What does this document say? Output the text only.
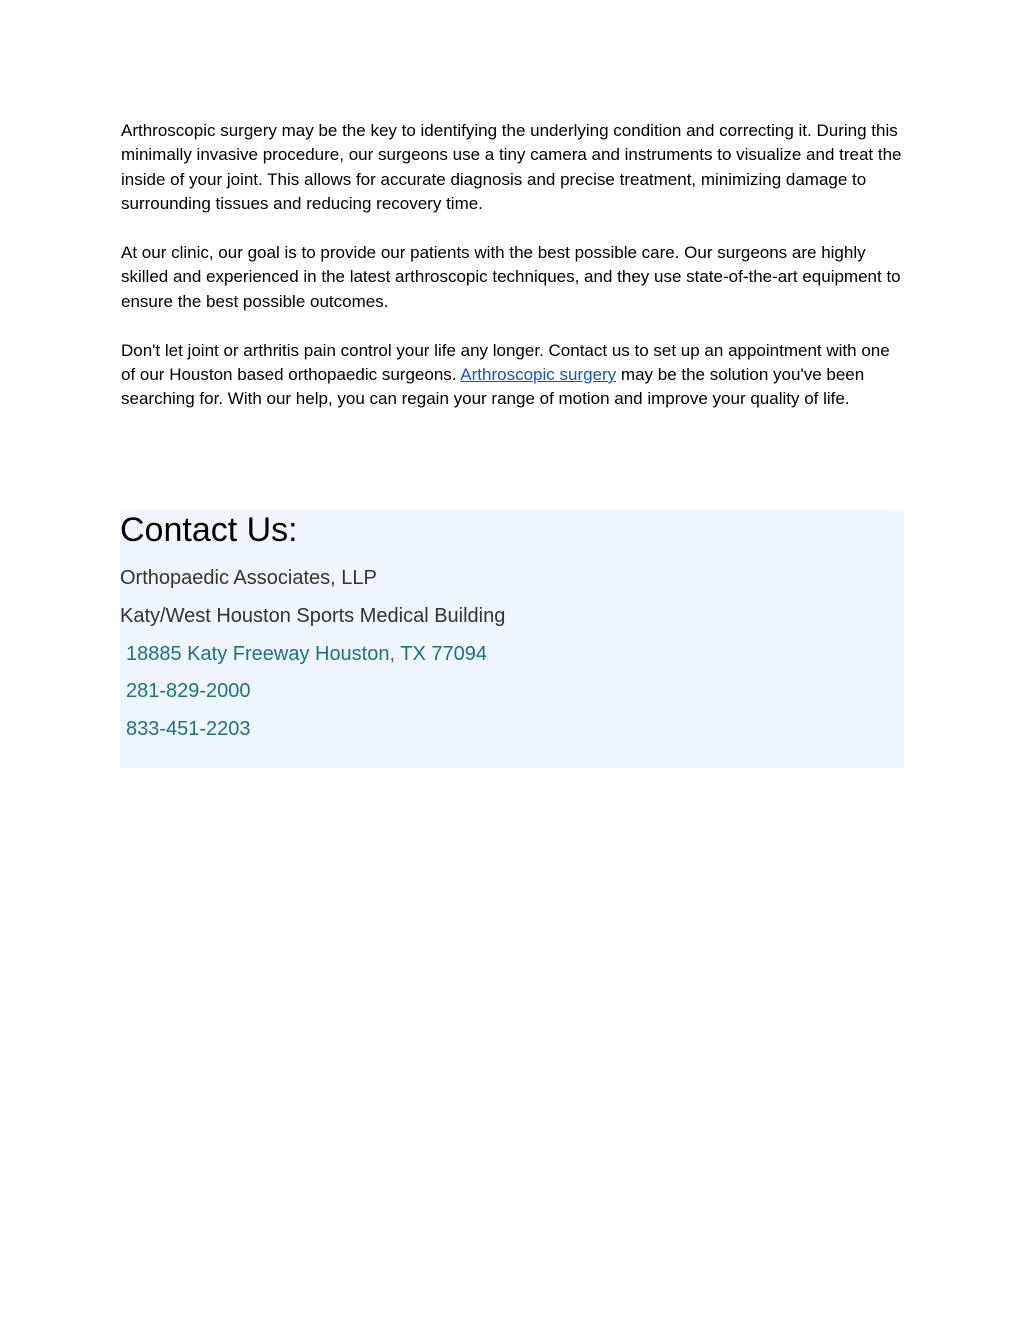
Arthroscopic surgery may be the key to identifying the underlying condition and correcting it. During this minimally invasive procedure, our surgeons use a tiny camera and instruments to visualize and treat the inside of your joint. This allows for accurate diagnosis and precise treatment, minimizing damage to surrounding tissues and reducing recovery time.

At our clinic, our goal is to provide our patients with the best possible care. Our surgeons are highly skilled and experienced in the latest arthroscopic techniques, and they use state-of-the-art equipment to ensure the best possible outcomes.

Don't let joint or arthritis pain control your life any longer. Contact us to set up an appointment with one of our Houston based orthopaedic surgeons. Arthroscopic surgery may be the solution you've been searching for. With our help, you can regain your range of motion and improve your quality of life.

Contact Us:
Orthopaedic Associates, LLP
Katy/West Houston Sports Medical Building
18885 Katy Freeway Houston, TX 77094
281-829-2000
833-451-2203
